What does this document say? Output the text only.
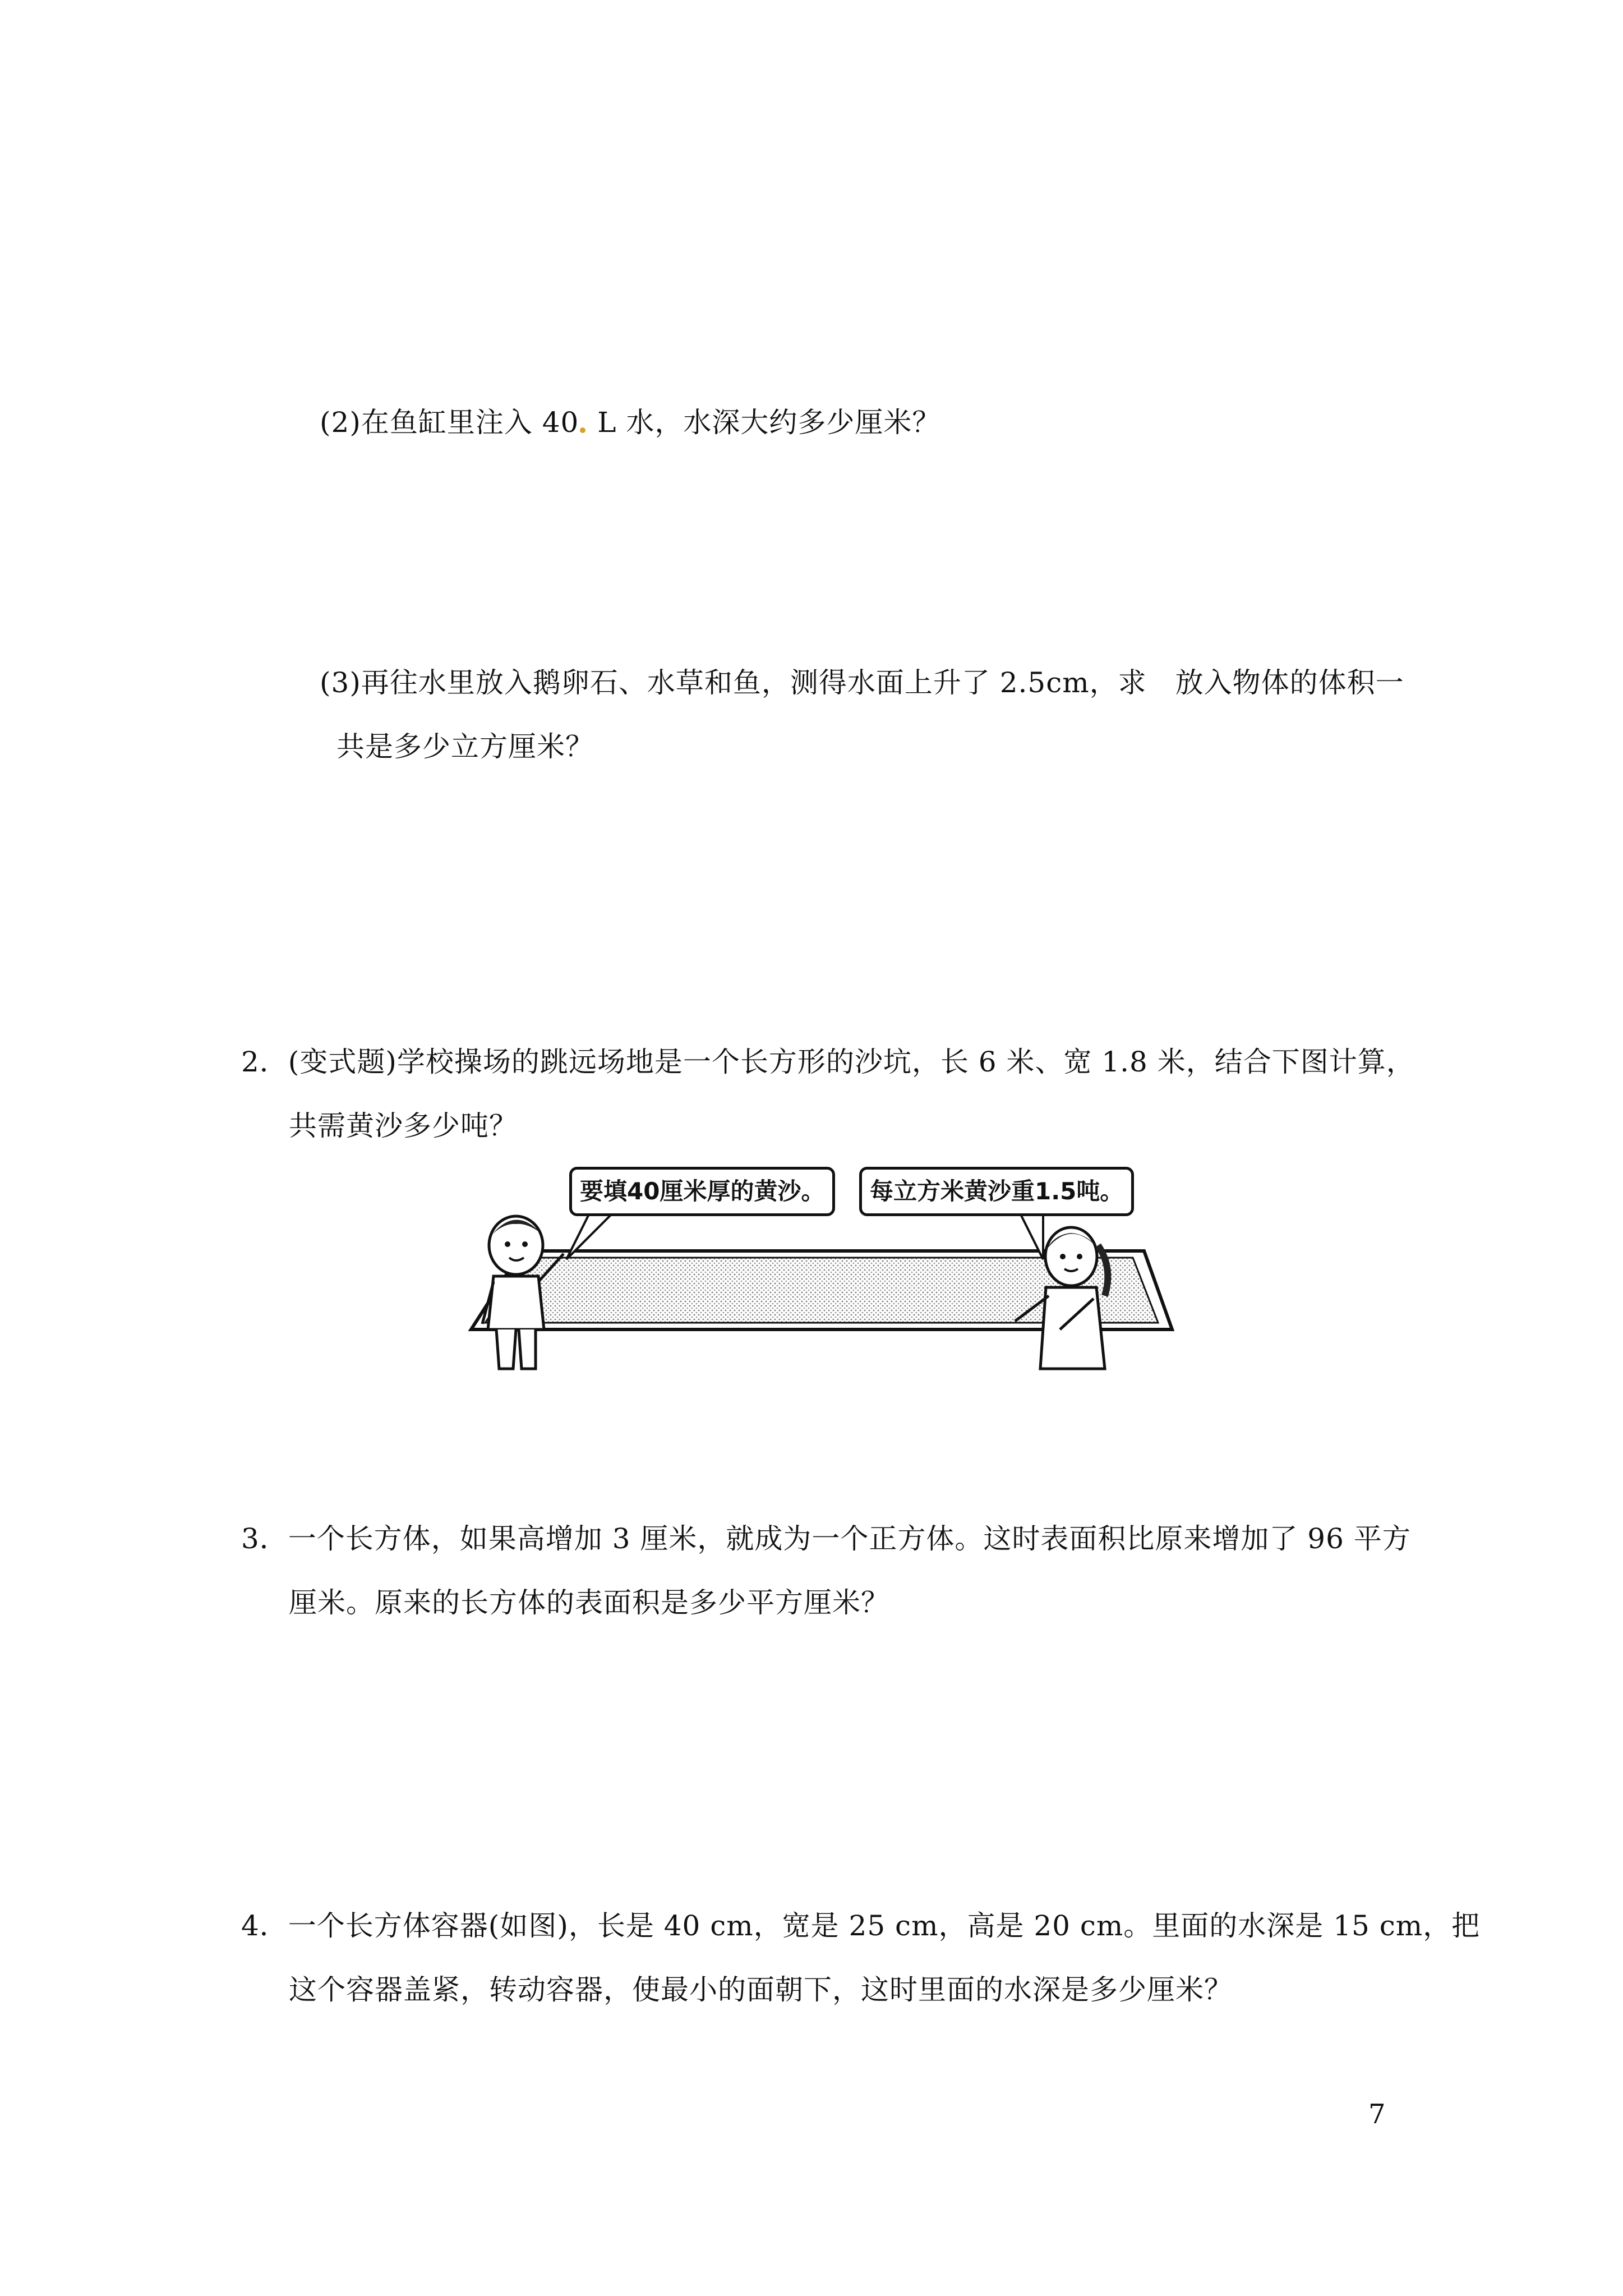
(2)在鱼缸里注入 40 L 水，水深大约多少厘米？

(3)再往水里放入鹅卵石、水草和鱼，测得水面上升了 2.5cm，求　放入物体的体积一

共是多少立方厘米？

2．(变式题)学校操场的跳远场地是一个长方形的沙坑，长 6 米、宽 1.8 米，结合下图计算，

共需黄沙多少吨？

要填40厘米厚的黄沙。	每立方米黄沙重1.5吨。

3．一个长方体，如果高增加 3 厘米，就成为一个正方体。这时表面积比原来增加了 96 平方

厘米。原来的长方体的表面积是多少平方厘米？

4．一个长方体容器(如图)，长是 40 cm，宽是 25 cm，高是 20 cm。里面的水深是 15 cm，把

这个容器盖紧，转动容器，使最小的面朝下，这时里面的水深是多少厘米？

7
